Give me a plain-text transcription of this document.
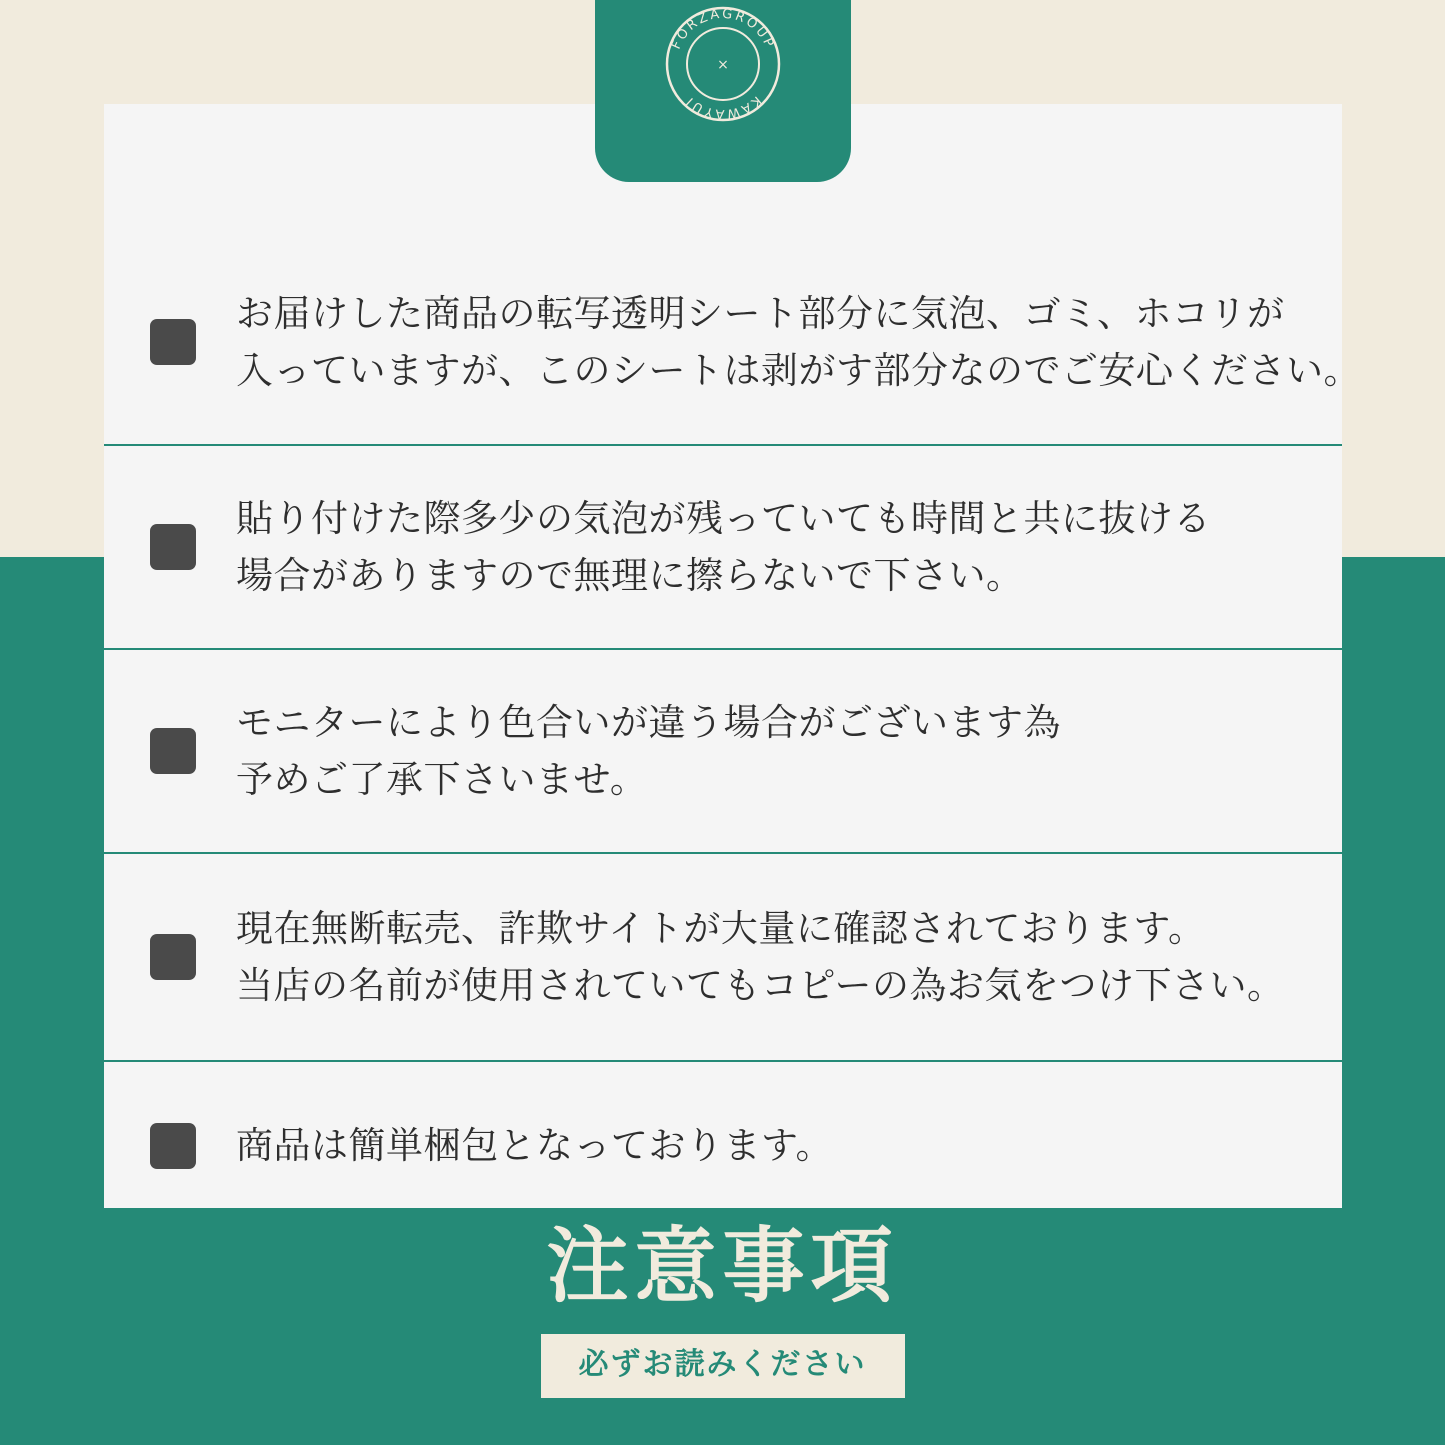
FORZAGROUP
KAWAYUI
×
お届けした商品の転写透明シート部分に気泡、ゴミ、ホコリが
入っていますが、このシートは剥がす部分なのでご安心ください。
貼り付けた際多少の気泡が残っていても時間と共に抜ける
場合がありますので無理に擦らないで下さい。
モニターにより色合いが違う場合がございます為
予めご了承下さいませ。
現在無断転売、詐欺サイトが大量に確認されております。
当店の名前が使用されていてもコピーの為お気をつけ下さい。
商品は簡単梱包となっております。
注意事項
必ずお読みください
